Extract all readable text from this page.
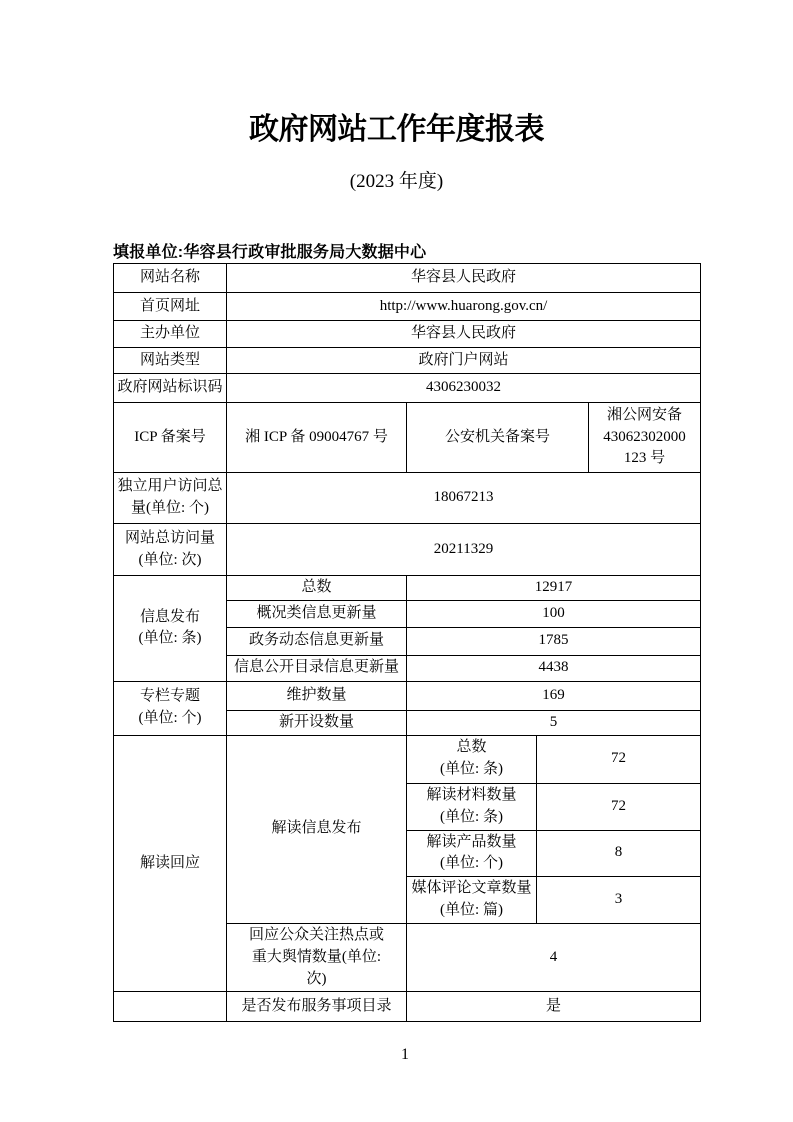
政府网站工作年度报表
(2023 年度)
填报单位:华容县行政审批服务局大数据中心
网站名称	华容县人民政府			
首页网址	http://www.huarong.gov.cn/			
主办单位	华容县人民政府			
网站类型	政府门户网站			
政府网站标识码	4306230032			
ICP 备案号	湘 ICP 备 09004767 号	公安机关备案号		湘公网安备 43062302000 123 号
独立用户访问总量(单位: 个)	18067213			

网站总访问量
(单位: 次)	20211329			

信息发布
(单位: 条)	总数	12917		
	概况类信息更新量	100		
	政务动态信息更新量	1785		
	信息公开目录信息更新量	4438		

专栏专题
(单位: 个)	维护数量	169		
	新开设数量	5		
解读回应	解读信息发布	总数
(单位: 条)	72	

		解读材料数量
(单位: 条)	72	

		解读产品数量
(单位: 个)	8	

		媒体评论文章数量
(单位: 篇)	3	
	回应公众关注热点或重大舆情数量(单位: 次)	4		
	是否发布服务事项目录	是		
1
